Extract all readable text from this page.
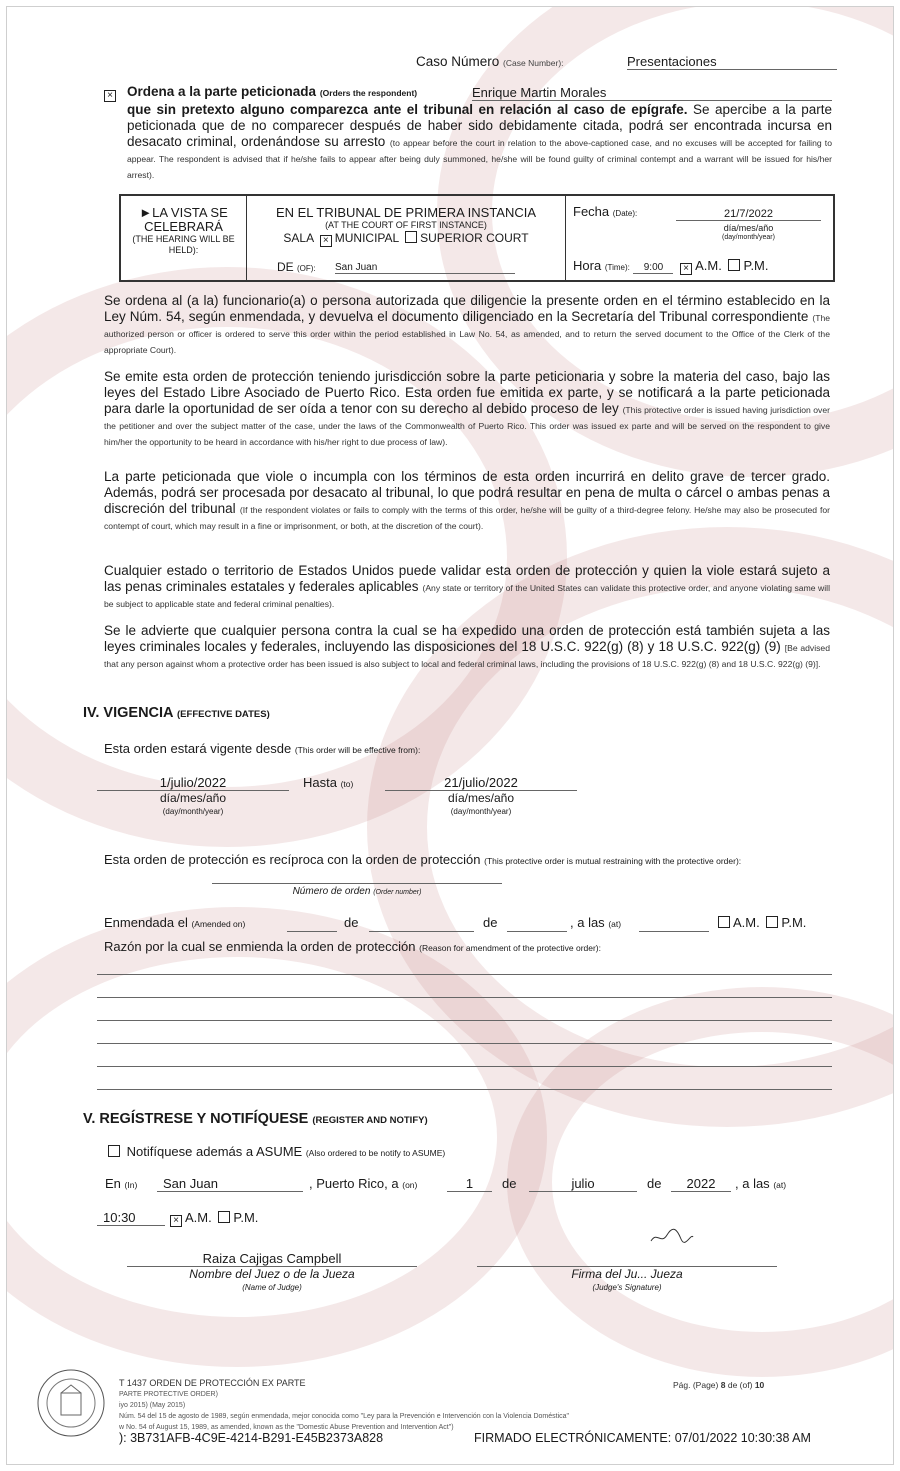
Caso Número (Case Number):	Presentaciones
×
Ordena a la parte peticionada (Orders the respondent)	Enrique Martin Morales
que sin pretexto alguno comparezca ante el tribunal en relación al caso de epígrafe. Se apercibe a la parte peticionada que de no comparecer después de haber sido debidamente citada, podrá ser encontrada incursa en desacato criminal, ordenándose su arresto (to appear before the court in relation to the above-captioned case, and no excuses will be accepted for failing to appear. The respondent is advised that if he/she fails to appear after being duly summoned, he/she will be found guilty of criminal contempt and a warrant will be issued for his/her arrest).
►LA VISTA SE CELEBRARÁ
(THE HEARING WILL BE HELD):
EN EL TRIBUNAL DE PRIMERA INSTANCIA
(AT THE COURT OF FIRST INSTANCE)
SALA × MUNICIPAL SUPERIOR COURT
DE (OF): San Juan
Fecha (Date):	21/7/2022
día/mes/año
(day/month/year)
Hora (Time): 9:00 × A.M. P.M.
Se ordena al (a la) funcionario(a) o persona autorizada que diligencie la presente orden en el término establecido en la Ley Núm. 54, según enmendada, y devuelva el documento diligenciado en la Secretaría del Tribunal correspondiente (The authorized person or officer is ordered to serve this order within the period established in Law No. 54, as amended, and to return the served document to the Office of the Clerk of the appropriate Court).
Se emite esta orden de protección teniendo jurisdicción sobre la parte peticionaria y sobre la materia del caso, bajo las leyes del Estado Libre Asociado de Puerto Rico. Esta orden fue emitida ex parte, y se notificará a la parte peticionada para darle la oportunidad de ser oída a tenor con su derecho al debido proceso de ley (This protective order is issued having jurisdiction over the petitioner and over the subject matter of the case, under the laws of the Commonwealth of Puerto Rico. This order was issued ex parte and will be served on the respondent to give him/her the opportunity to be heard in accordance with his/her right to due process of law).
La parte peticionada que viole o incumpla con los términos de esta orden incurrirá en delito grave de tercer grado. Además, podrá ser procesada por desacato al tribunal, lo que podrá resultar en pena de multa o cárcel o ambas penas a discreción del tribunal (If the respondent violates or fails to comply with the terms of this order, he/she will be guilty of a third-degree felony. He/she may also be prosecuted for contempt of court, which may result in a fine or imprisonment, or both, at the discretion of the court).
Cualquier estado o territorio de Estados Unidos puede validar esta orden de protección y quien la viole estará sujeto a las penas criminales estatales y federales aplicables (Any state or territory of the United States can validate this protective order, and anyone violating same will be subject to applicable state and federal criminal penalties).
Se le advierte que cualquier persona contra la cual se ha expedido una orden de protección está también sujeta a las leyes criminales locales y federales, incluyendo las disposiciones del 18 U.S.C. 922(g) (8) y 18 U.S.C. 922(g) (9) [Be advised that any person against whom a protective order has been issued is also subject to local and federal criminal laws, including the provisions of 18 U.S.C. 922(g) (8) and 18 U.S.C. 922(g) (9)].
IV. VIGENCIA (EFFECTIVE DATES)
Esta orden estará vigente desde (This order will be effective from):
1/julio/2022
día/mes/año
(day/month/year)
Hasta (to)	21/julio/2022
día/mes/año
(day/month/year)
Esta orden de protección es recíproca con la orden de protección (This protective order is mutual restraining with the protective order):
Número de orden (Order number)
Enmendada el (Amended on)	de	de	, a las (at)	A.M. P.M.
Razón por la cual se enmienda la orden de protección (Reason for amendment of the protective order):
V. REGÍSTRESE Y NOTIFÍQUESE (REGISTER AND NOTIFY)
Notifíquese además a ASUME (Also ordered to be notify to ASUME)
En (In)	San Juan	, Puerto Rico, a (on)	1	de	julio	de	2022	, a las (at)
10:30 ×	A.M. P.M.
Raiza Cajigas Campbell
Nombre del Juez o de la Jueza
(Name of Judge)
Firma del Ju... Jueza
(Judge's Signature)
T 1437 ORDEN DE PROTECCIÓN EX PARTE
PARTE PROTECTIVE ORDER)
iyo 2015) (May 2015)
Núm. 54 del 15 de agosto de 1989, según enmendada, mejor conocida como "Ley para la Prevención e Intervención con la Violencia Doméstica"
w No. 54 of August 15, 1989, as amended, known as the "Domestic Abuse Prevention and Intervention Act")
Pág. (Page) 8 de (of) 10
): 3B731AFB-4C9E-4214-B291-E45B2373A828	FIRMADO ELECTRÓNICAMENTE: 07/01/2022 10:30:38 AM
